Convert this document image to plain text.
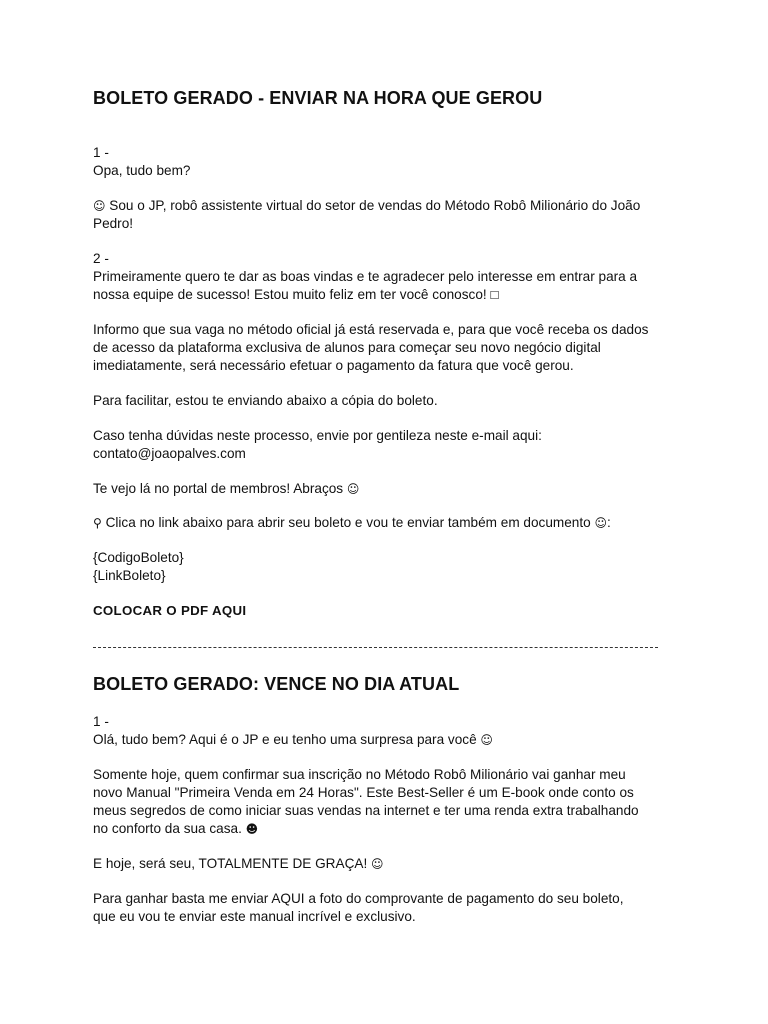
BOLETO GERADO - ENVIAR NA HORA QUE GEROU
1 -
Opa, tudo bem?
☺ Sou o JP, robô assistente virtual do setor de vendas do Método Robô Milionário do João
Pedro!
2 -
Primeiramente quero te dar as boas vindas e te agradecer pelo interesse em entrar para a
nossa equipe de sucesso! Estou muito feliz em ter você conosco! □
Informo que sua vaga no método oficial já está reservada e, para que você receba os dados
de acesso da plataforma exclusiva de alunos para começar seu novo negócio digital
imediatamente, será necessário efetuar o pagamento da fatura que você gerou.
Para facilitar, estou te enviando abaixo a cópia do boleto.
Caso tenha dúvidas neste processo, envie por gentileza neste e-mail aqui:
contato@joaopalves.com
Te vejo lá no portal de membros! Abraços ☺
⚲ Clica no link abaixo para abrir seu boleto e vou te enviar também em documento ☺:
{CodigoBoleto}
{LinkBoleto}
COLOCAR O PDF AQUI
BOLETO GERADO: VENCE NO DIA ATUAL
1 -
Olá, tudo bem? Aqui é o JP e eu tenho uma surpresa para você ☺
Somente hoje, quem confirmar sua inscrição no Método Robô Milionário vai ganhar meu
novo Manual "Primeira Venda em 24 Horas". Este Best-Seller é um E-book onde conto os
meus segredos de como iniciar suas vendas na internet e ter uma renda extra trabalhando
no conforto da sua casa. ☻
E hoje, será seu, TOTALMENTE DE GRAÇA! ☺
Para ganhar basta me enviar AQUI a foto do comprovante de pagamento do seu boleto,
que eu vou te enviar este manual incrível e exclusivo.
